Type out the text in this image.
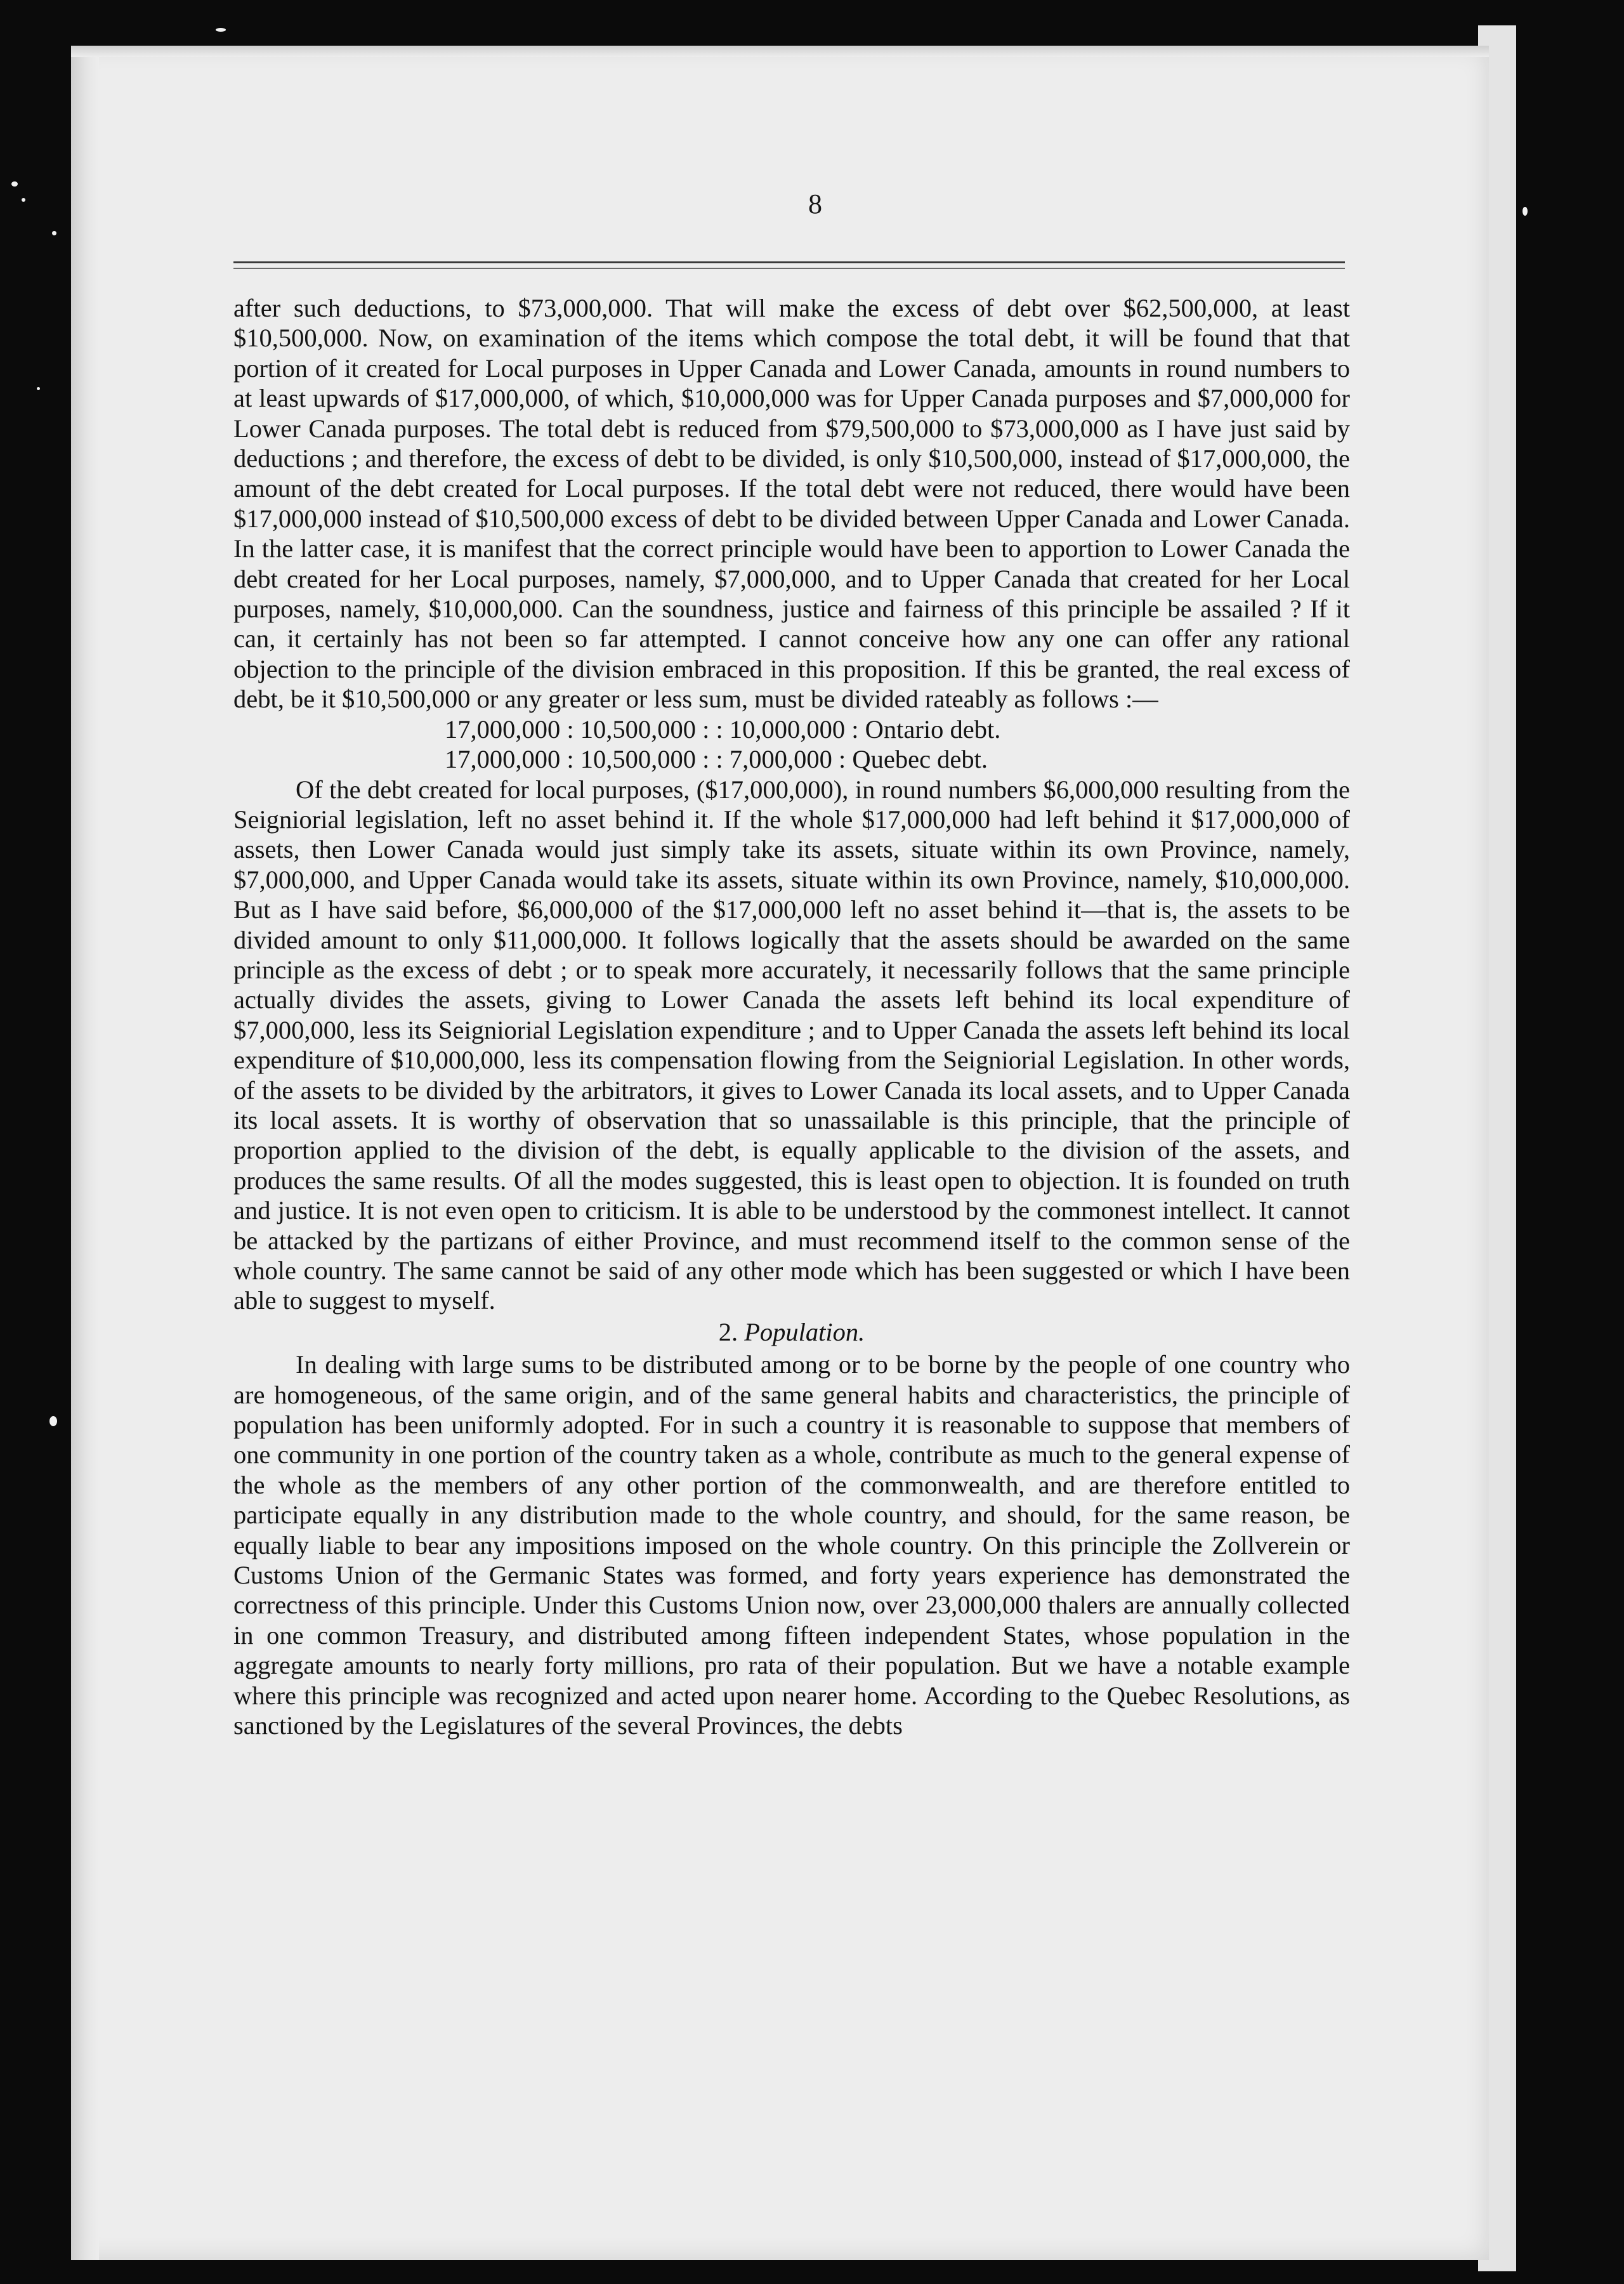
8

after such deductions, to $73,000,000. That will make the excess of debt over $62,500,000, at least $10,500,000. Now, on examination of the items which compose the total debt, it will be found that that portion of it created for Local purposes in Upper Canada and Lower Canada, amounts in round numbers to at least upwards of $17,000,000, of which, $10,000,000 was for Upper Canada purposes and $7,000,000 for Lower Canada purposes. The total debt is reduced from $79,500,000 to $73,000,000 as I have just said by deductions ; and therefore, the excess of debt to be divided, is only $10,500,000, instead of $17,000,000, the amount of the debt created for Local purposes. If the total debt were not reduced, there would have been $17,000,000 instead of $10,500,000 excess of debt to be divided between Upper Canada and Lower Canada. In the latter case, it is manifest that the correct principle would have been to apportion to Lower Canada the debt created for her Local purposes, namely, $7,000,000, and to Upper Canada that created for her Local purposes, namely, $10,000,000. Can the soundness, justice and fairness of this principle be assailed ? If it can, it certainly has not been so far attempted. I cannot conceive how any one can offer any rational objection to the principle of the division embraced in this proposition. If this be granted, the real excess of debt, be it $10,500,000 or any greater or less sum, must be divided rateably as follows :—

17,000,000 : 10,500,000 : : 10,000,000 : Ontario debt.

17,000,000 : 10,500,000 : : 7,000,000 : Quebec debt.

Of the debt created for local purposes, ($17,000,000), in round numbers $6,000,000 resulting from the Seigniorial legislation, left no asset behind it. If the whole $17,000,000 had left behind it $17,000,000 of assets, then Lower Canada would just simply take its assets, situate within its own Province, namely, $7,000,000, and Upper Canada would take its assets, situate within its own Province, namely, $10,000,000. But as I have said before, $6,000,000 of the $17,000,000 left no asset behind it—that is, the assets to be divided amount to only $11,000,000. It follows logically that the assets should be awarded on the same principle as the excess of debt ; or to speak more accurately, it necessarily follows that the same principle actually divides the assets, giving to Lower Canada the assets left behind its local expenditure of $7,000,000, less its Seigniorial Legislation expenditure ; and to Upper Canada the assets left behind its local expenditure of $10,000,000, less its compensation flowing from the Seigniorial Legislation. In other words, of the assets to be divided by the arbitrators, it gives to Lower Canada its local assets, and to Upper Canada its local assets. It is worthy of observation that so unassailable is this principle, that the principle of proportion applied to the division of the debt, is equally applicable to the division of the assets, and produces the same results. Of all the modes suggested, this is least open to objection. It is founded on truth and justice. It is not even open to criticism. It is able to be understood by the commonest intellect. It cannot be attacked by the partizans of either Province, and must recommend itself to the common sense of the whole country. The same cannot be said of any other mode which has been suggested or which I have been able to suggest to myself.

2. Population.

In dealing with large sums to be distributed among or to be borne by the people of one country who are homogeneous, of the same origin, and of the same general habits and characteristics, the principle of population has been uniformly adopted. For in such a country it is reasonable to suppose that members of one community in one portion of the country taken as a whole, contribute as much to the general expense of the whole as the members of any other portion of the commonwealth, and are therefore entitled to participate equally in any distribution made to the whole country, and should, for the same reason, be equally liable to bear any impositions imposed on the whole country. On this principle the Zollverein or Customs Union of the Germanic States was formed, and forty years experience has demonstrated the correctness of this principle. Under this Customs Union now, over 23,000,000 thalers are annually collected in one common Treasury, and distributed among fifteen independent States, whose population in the aggregate amounts to nearly forty millions, pro rata of their population. But we have a notable example where this principle was recognized and acted upon nearer home. According to the Quebec Resolutions, as sanctioned by the Legislatures of the several Provinces, the debts
